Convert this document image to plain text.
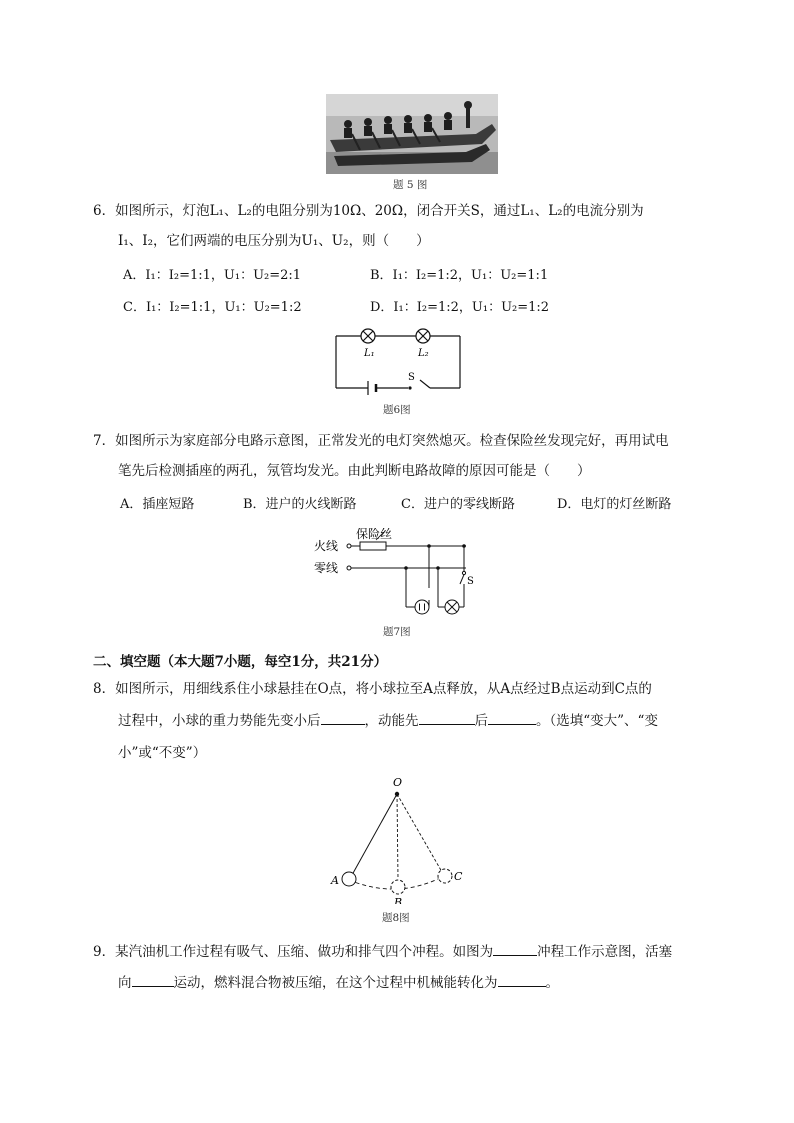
题 5 图
6．如图所示，灯泡L₁、L₂的电阻分别为10Ω、20Ω，闭合开关S，通过L₁、L₂的电流分别为
I₁、I₂，它们两端的电压分别为U₁、U₂，则（　　）
A．I₁：I₂=1:1，U₁：U₂=2:1	B．I₁：I₂=1:2，U₁：U₂=1:1
C．I₁：I₂=1:1，U₁：U₂=1:2	D．I₁：I₂=1:2，U₁：U₂=1:2
L₁	L₂
S
题6图
7．如图所示为家庭部分电路示意图，正常发光的电灯突然熄灭。检查保险丝发现完好，再用试电
笔先后检测插座的两孔，氖管均发光。由此判断电路故障的原因可能是（　　）
A．插座短路	B．进户的火线断路	C．进户的零线断路	D．电灯的灯丝断路
火线
零线
保险丝
S
题7图
二、填空题（本大题7小题，每空1分，共21分）
8．如图所示，用细线系住小球悬挂在O点，将小球拉至A点释放，从A点经过B点运动到C点的
过程中，小球的重力势能先变小后	，动能先	后	。（选填“变大”、“变
小”或“不变”）
O
A
B
C
题8图
9．某汽油机工作过程有吸气、压缩、做功和排气四个冲程。如图为	冲程工作示意图，活塞
向	运动，燃料混合物被压缩，在这个过程中机械能转化为	。
